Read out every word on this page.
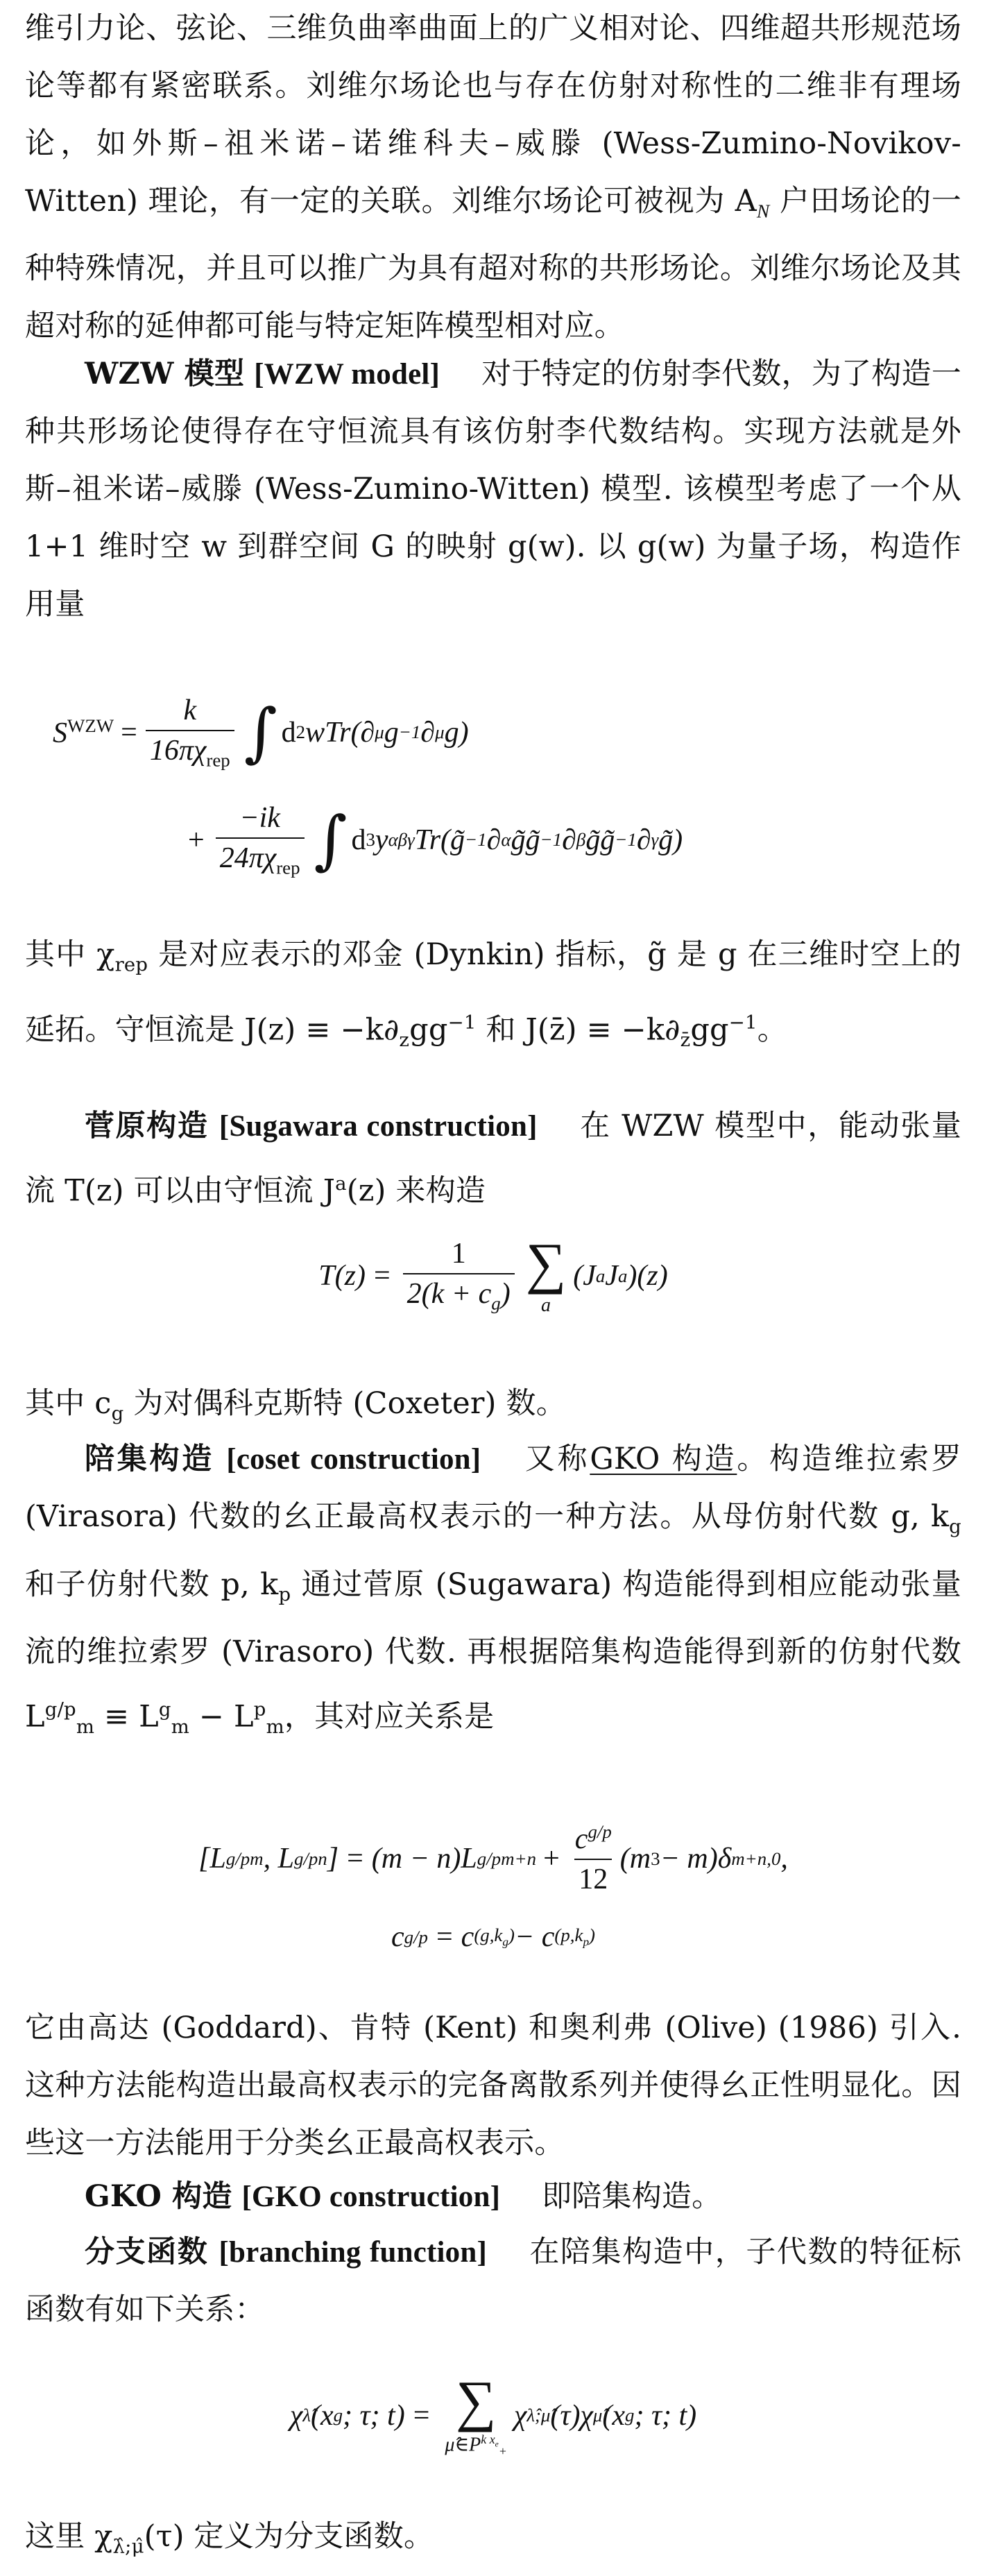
维引力论、弦论、三维负曲率曲面上的广义相对论、四维超共形规范场论等都有紧密联系。刘维尔场论也与存在仿射对称性的二维非有理场论，如外斯–祖米诺–诺维科夫–威滕 (Wess-Zumino-Novikov-Witten) 理论，有一定的关联。刘维尔场论可被视为 $A_N$ 户田场论的一种特殊情况，并且可以推广为具有超对称的共形场论。刘维尔场论及其超对称的延伸都可能与特定矩阵模型相对应。

WZW 模型 [WZW model] 对于特定的仿射李代数，为了构造一种共形场论使得存在守恒流具有该仿射李代数结构。实现方法就是外斯–祖米诺–威滕 (Wess-Zumino-Witten) 模型. 该模型考虑了一个从 1+1 维时空 w 到群空间 G 的映射 g(w). 以 g(w) 为量子场，构造作用量

$S^{WZW} = \frac{k}{16\pi\chi_{rep}}$ ∫ d 2 wTr(∂ μ g −1 ∂ μ g)
+ $\frac{-ik}{24\pi\chi_{rep}}$ ∫ d 3 y αβγ Tr(g̃ −1 ∂ α g̃g̃ −1 ∂ β g̃g̃ −1 ∂ γ g̃)

其中 $\chi_{rep}$ 是对应表示的邓金 (Dynkin) 指标，g̃ 是 g 在三维时空上的延拓。守恒流是 $J(z) \equiv -k\partial_zgg^{-1}$ 和 J(z̄) ≡ $-k\partial_{z̄}gg^{-1}$。

菅原构造 [Sugawara construction] 在 WZW 模型中，能动张量流 T(z) 可以由守恒流 $J^a(z)$ 来构造

$T(z) = \frac{1}{2(k + c_g)}$ ∑
a
(J a J a )(z)

其中 $c_g$ 为对偶科克斯特 (Coxeter) 数。

陪集构造 [coset construction] 又称GKO 构造。构造维拉索罗 (Virasora) 代数的幺正最高权表示的一种方法。从母仿射代数 g, $k_g$ 和子仿射代数 p, $k_p$ 通过菅原 (Sugawara) 构造能得到相应能动张量流的维拉索罗 (Virasoro) 代数. 再根据陪集构造能得到新的仿射代数 $L^{g/p}_m \equiv L^g_m - L^p_m$，其对应关系是

[L g/p m , L g/p n ] = (m − n)L g/p $m+n + \frac{c^{g/p}}{12} (m$ 3 − m)δ m+n,0 ,
c g/p = c $(g,k_g) - c$ $(p,k_p)$

它由高达 (Goddard)、肯特 (Kent) 和奥利弗 (Olive) (1986) 引入. 这种方法能构造出最高权表示的完备离散系列并使得幺正性明显化。因些这一方法能用于分类幺正最高权表示。

GKO 构造 [GKO construction] 即陪集构造。

分支函数 [branching function] 在陪集构造中，子代数的特征标函数有如下关系：

χ λ̂ (x g ; τ; t) = ∑
$\mû\in P^{k x_e}_+$
χ λ̂;μ̂ (τ)χ μ̂ (x g ; τ; t)

这里 $\chi_{\lambdâ;\mû}(\tau)$ 定义为分支函数。
